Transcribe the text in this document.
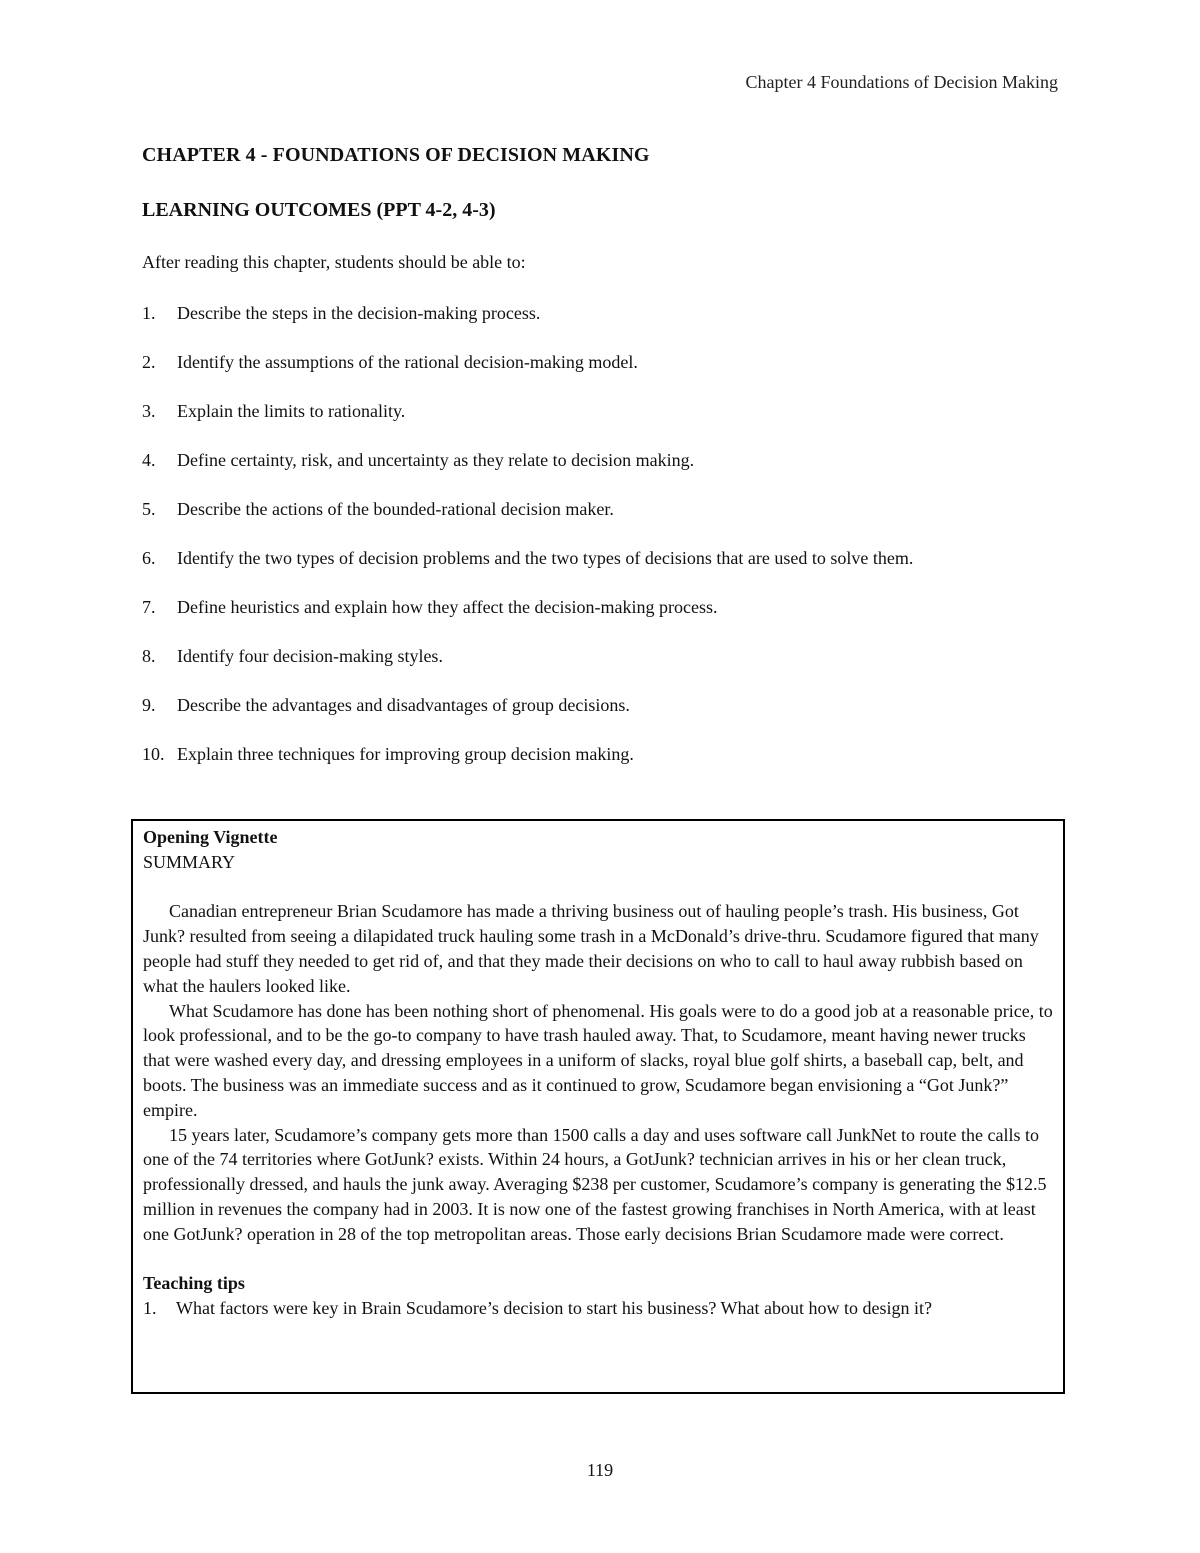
Chapter 4 Foundations of Decision Making
CHAPTER 4 - FOUNDATIONS OF DECISION MAKING
LEARNING OUTCOMES (PPT 4-2, 4-3)
After reading this chapter, students should be able to:
1. Describe the steps in the decision-making process.
2. Identify the assumptions of the rational decision-making model.
3. Explain the limits to rationality.
4. Define certainty, risk, and uncertainty as they relate to decision making.
5. Describe the actions of the bounded-rational decision maker.
6. Identify the two types of decision problems and the two types of decisions that are used to solve them.
7. Define heuristics and explain how they affect the decision-making process.
8. Identify four decision-making styles.
9. Describe the advantages and disadvantages of group decisions.
10. Explain three techniques for improving group decision making.

Opening Vignette

SUMMARY

Canadian entrepreneur Brian Scudamore has made a thriving business out of hauling people’s trash. His business, Got Junk? resulted from seeing a dilapidated truck hauling some trash in a McDonald’s drive-thru. Scudamore figured that many people had stuff they needed to get rid of, and that they made their decisions on who to call to haul away rubbish based on what the haulers looked like.

What Scudamore has done has been nothing short of phenomenal. His goals were to do a good job at a reasonable price, to look professional, and to be the go-to company to have trash hauled away. That, to Scudamore, meant having newer trucks that were washed every day, and dressing employees in a uniform of slacks, royal blue golf shirts, a baseball cap, belt, and boots. The business was an immediate success and as it continued to grow, Scudamore began envisioning a “Got Junk?” empire.

15 years later, Scudamore’s company gets more than 1500 calls a day and uses software call JunkNet to route the calls to one of the 74 territories where GotJunk? exists. Within 24 hours, a GotJunk? technician arrives in his or her clean truck, professionally dressed, and hauls the junk away. Averaging $238 per customer, Scudamore’s company is generating the $12.5 million in revenues the company had in 2003. It is now one of the fastest growing franchises in North America, with at least one GotJunk? operation in 28 of the top metropolitan areas. Those early decisions Brian Scudamore made were correct.

Teaching tips

1. What factors were key in Brain Scudamore’s decision to start his business? What about how to design it?
119
